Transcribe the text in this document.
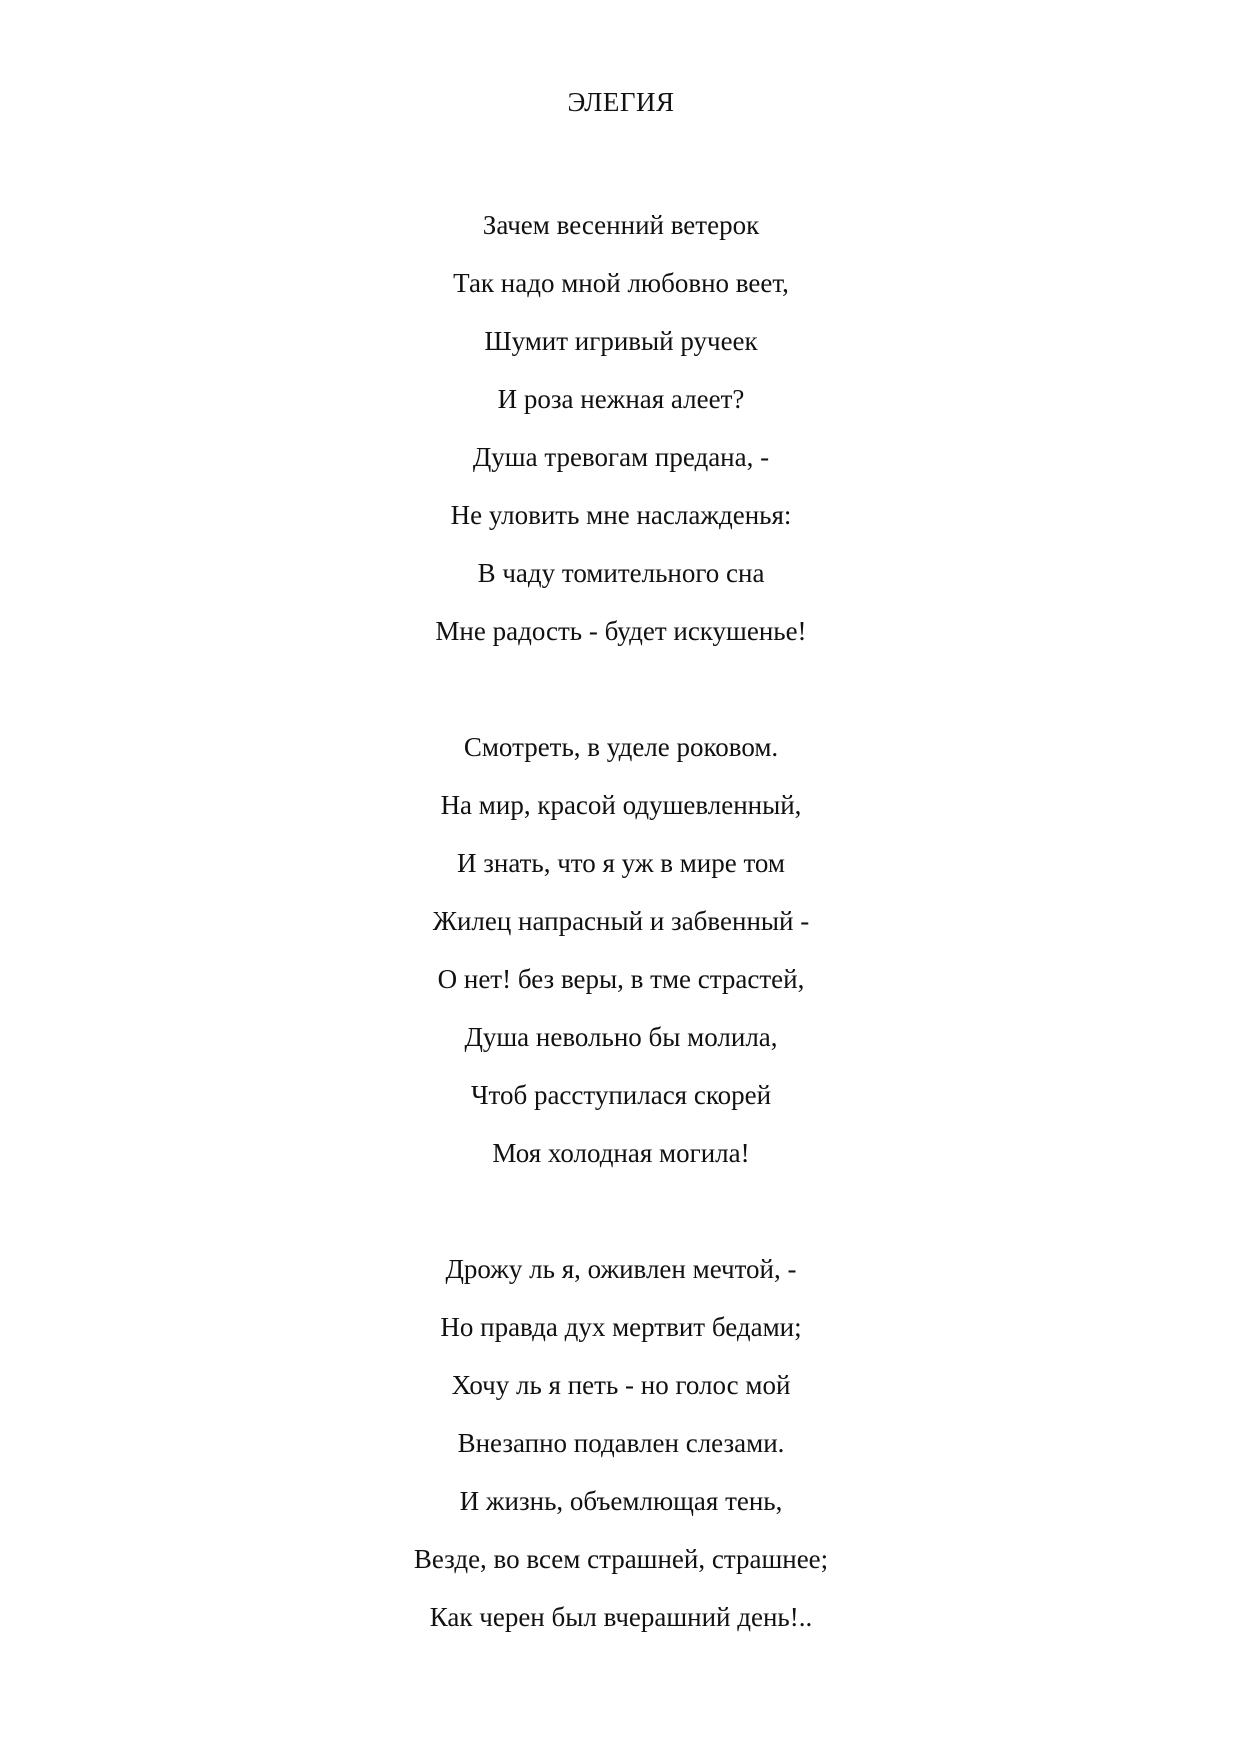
ЭЛЕГИЯ
Зачем весенний ветерок
Так надо мной любовно веет,
Шумит игривый ручеек
И роза нежная алеет?
Душа тревогам предана, -
Не уловить мне наслажденья:
В чаду томительного сна
Мне радость - будет искушенье!
Смотреть, в уделе роковом.
На мир, красой одушевленный,
И знать, что я уж в мире том
Жилец напрасный и забвенный -
О нет! без веры, в тме страстей,
Душа невольно бы молила,
Чтоб расступилася скорей
Моя холодная могила!
Дрожу ль я, оживлен мечтой, -
Но правда дух мертвит бедами;
Хочу ль я петь - но голос мой
Внезапно подавлен слезами.
И жизнь, объемлющая тень,
Везде, во всем страшней, страшнее;
Как черен был вчерашний день!..
